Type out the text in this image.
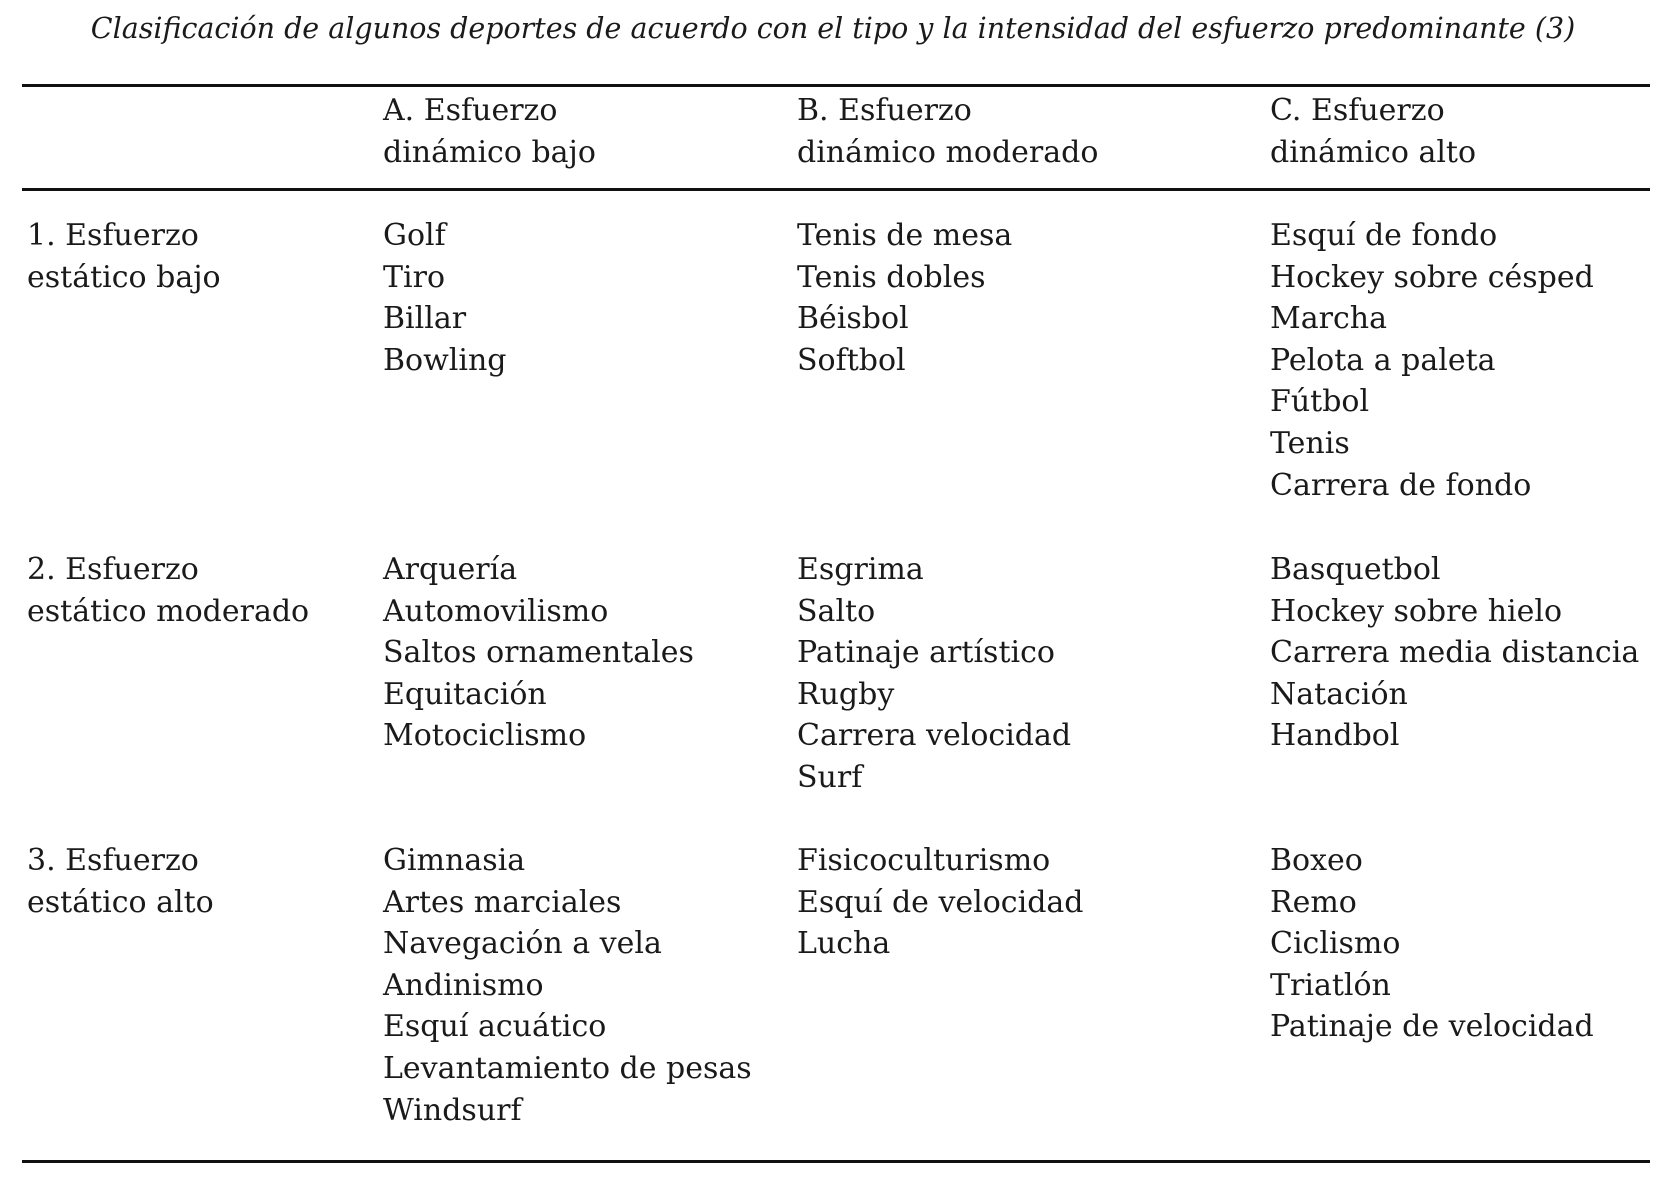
Clasificación de algunos deportes de acuerdo con el tipo y la intensidad del esfuerzo predominante (3)
A. Esfuerzo
dinámico bajo
B. Esfuerzo
dinámico moderado
C. Esfuerzo
dinámico alto
1. Esfuerzo
estático bajo
Golf
Tiro
Billar
Bowling
Tenis de mesa
Tenis dobles
Béisbol
Softbol
Esquí de fondo
Hockey sobre césped
Marcha
Pelota a paleta
Fútbol
Tenis
Carrera de fondo
2. Esfuerzo
estático moderado
Arquería
Automovilismo
Saltos ornamentales
Equitación
Motociclismo
Esgrima
Salto
Patinaje artístico
Rugby
Carrera velocidad
Surf
Basquetbol
Hockey sobre hielo
Carrera media distancia
Natación
Handbol
3. Esfuerzo
estático alto
Gimnasia
Artes marciales
Navegación a vela
Andinismo
Esquí acuático
Levantamiento de pesas
Windsurf
Fisicoculturismo
Esquí de velocidad
Lucha
Boxeo
Remo
Ciclismo
Triatlón
Patinaje de velocidad
